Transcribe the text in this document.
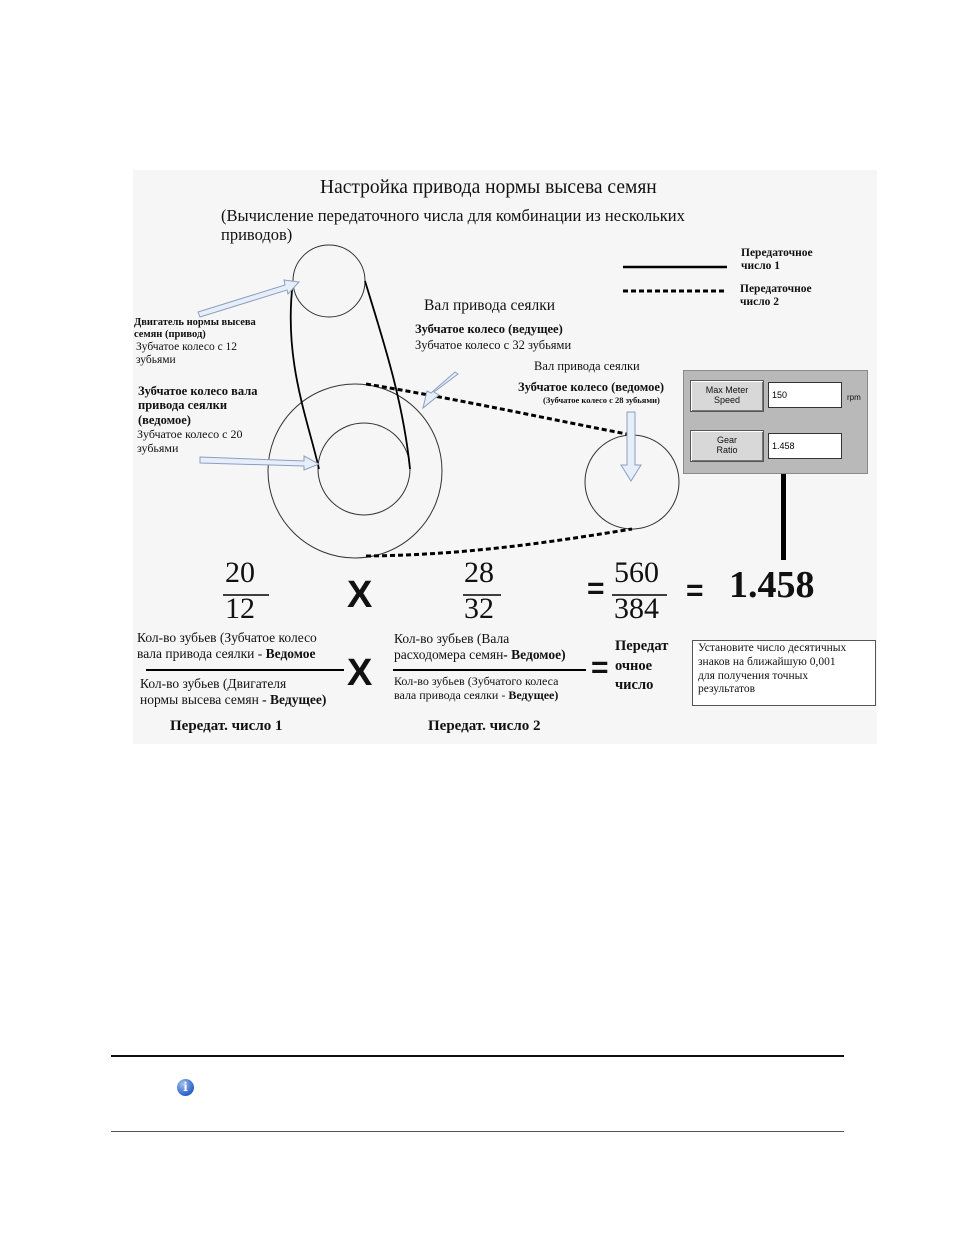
Настройка привода нормы высева семян
(Вычисление передаточного числа для комбинации из нескольких
приводов)
Передаточное
число 1
Передаточное
число 2
Двигатель нормы высева
семян (привод)
Зубчатое колесо с 12
зубьями
Зубчатое колесо вала
привода сеялки
(ведомое)
Зубчатое колесо с 20
зубьями
Вал привода сеялки
Зубчатое колесо (ведущее)
Зубчатое колесо с 32 зубьями
Вал привода сеялки
Зубчатое колесо (ведомое)
(Зубчатое колесо с 28 зубьями)
Max Meter
Speed
150	rpm
Gear
Ratio
1.458
20
12 X
28
32
= 560
384
= 1.458
Кол-во зубьев (Зубчатое колесо
вала привода сеялки - Ведомое
Кол-во зубьев (Двигателя
нормы высева семян - Ведущее)
X
Кол-во зубьев (Вала
расходомера семян- Ведомое)
Кол-во зубьев (Зубчатого колеса
вала привода сеялки - Ведущее)
=
Передат
очное
число
Передат. число 1	Передат. число 2
Установите число десятичных
знаков на ближайшую 0,001
для получения точных
результатов
i
